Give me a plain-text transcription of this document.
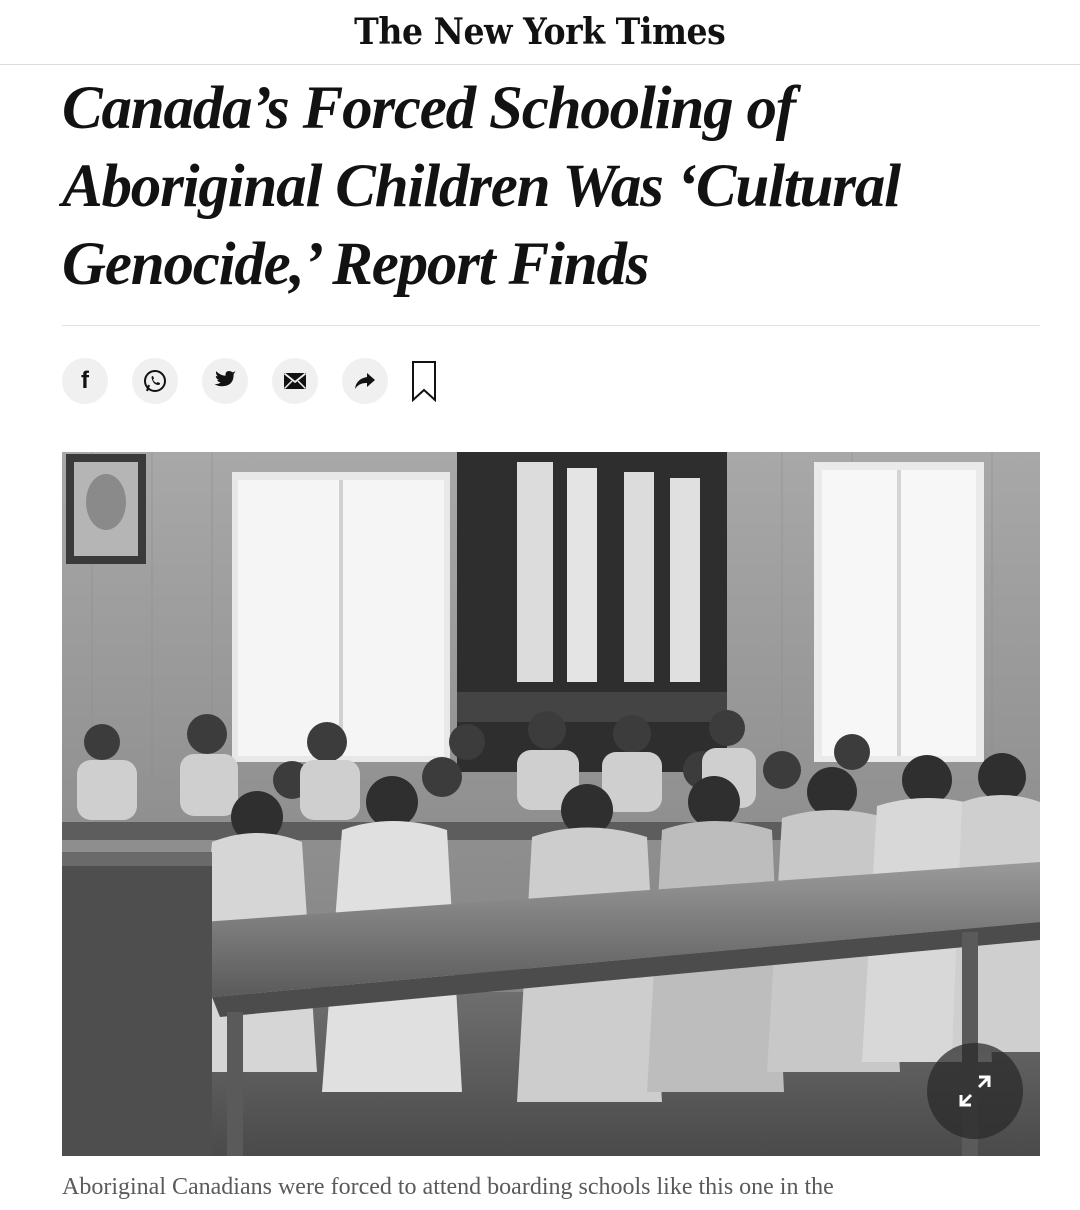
The New York Times
Canada’s Forced Schooling of
Aboriginal Children Was ‘Cultural
Genocide,’ Report Finds
f

Aboriginal Canadians were forced to attend boarding schools like this one in the
